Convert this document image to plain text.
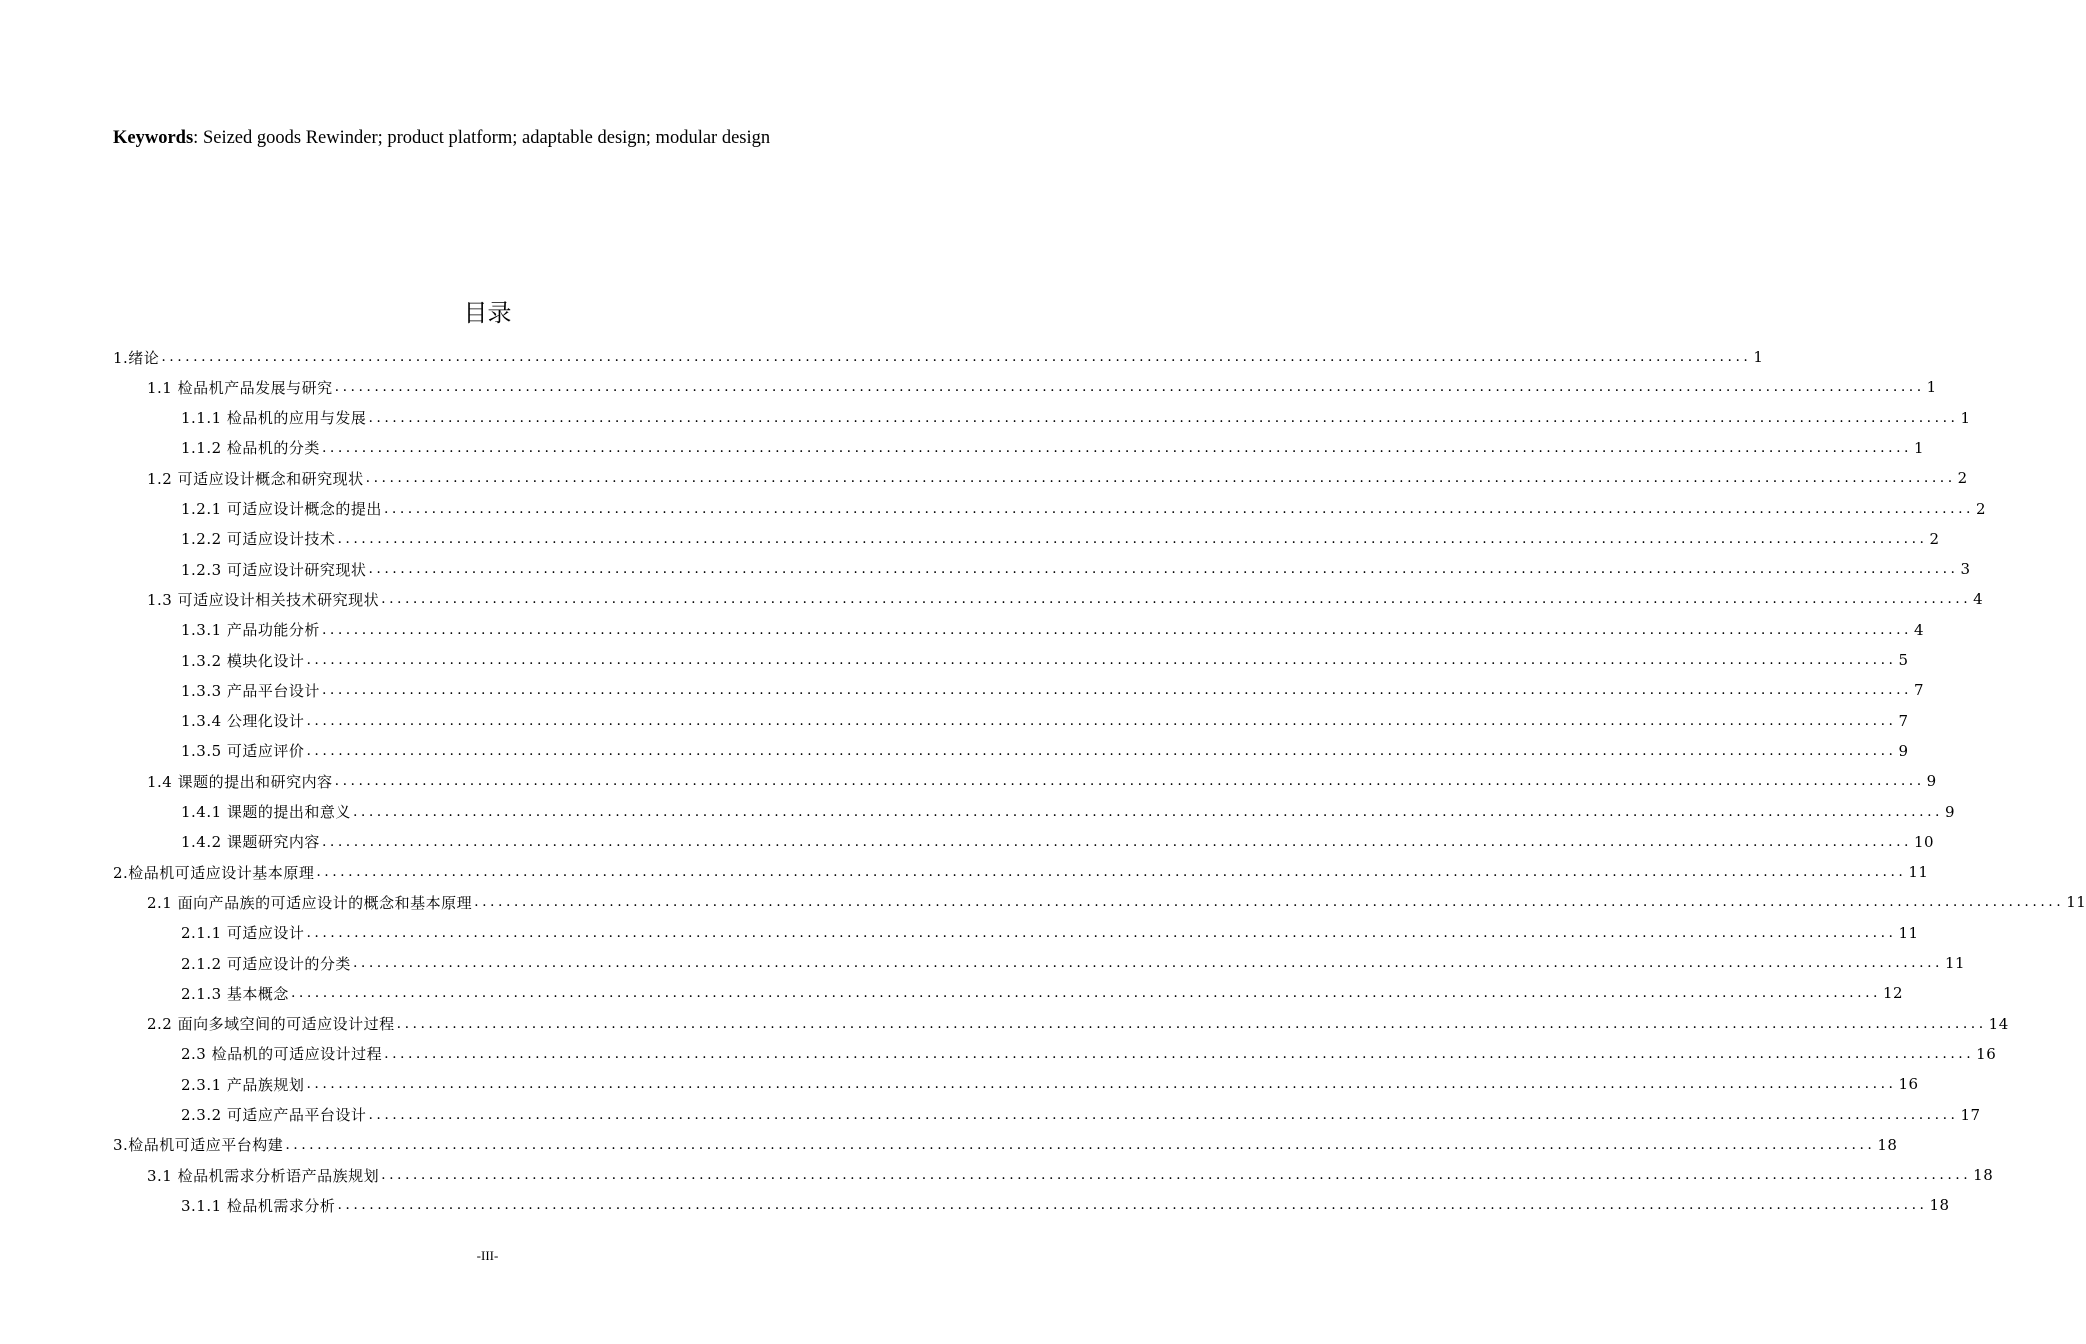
Keywords: Seized goods Rewinder; product platform; adaptable design; modular design
目录
1.绪论 ........................................................................................................................................................................................................ 1
1.1 检品机产品发展与研究 ........................................................................................................................................................................................................ 1
1.1.1 检品机的应用与发展 ........................................................................................................................................................................................................ 1
1.1.2 检品机的分类 ........................................................................................................................................................................................................ 1
1.2 可适应设计概念和研究现状 ........................................................................................................................................................................................................ 2
1.2.1 可适应设计概念的提出 ........................................................................................................................................................................................................ 2
1.2.2 可适应设计技术 ........................................................................................................................................................................................................ 2
1.2.3 可适应设计研究现状 ........................................................................................................................................................................................................ 3
1.3 可适应设计相关技术研究现状 ........................................................................................................................................................................................................ 4
1.3.1 产品功能分析 ........................................................................................................................................................................................................ 4
1.3.2 模块化设计 ........................................................................................................................................................................................................ 5
1.3.3 产品平台设计 ........................................................................................................................................................................................................ 7
1.3.4 公理化设计 ........................................................................................................................................................................................................ 7
1.3.5 可适应评价 ........................................................................................................................................................................................................ 9
1.4 课题的提出和研究内容 ........................................................................................................................................................................................................ 9
1.4.1 课题的提出和意义 ........................................................................................................................................................................................................ 9
1.4.2 课题研究内容 ........................................................................................................................................................................................................ 10
2.检品机可适应设计基本原理 ........................................................................................................................................................................................................ 11
2.1 面向产品族的可适应设计的概念和基本原理 ........................................................................................................................................................................................................ 11
2.1.1 可适应设计 ........................................................................................................................................................................................................ 11
2.1.2 可适应设计的分类 ........................................................................................................................................................................................................ 11
2.1.3 基本概念 ........................................................................................................................................................................................................ 12
2.2 面向多域空间的可适应设计过程 ........................................................................................................................................................................................................ 14
2.3 检品机的可适应设计过程 ........................................................................................................................................................................................................ 16
2.3.1 产品族规划 ........................................................................................................................................................................................................ 16
2.3.2 可适应产品平台设计 ........................................................................................................................................................................................................ 17
3.检品机可适应平台构建 ........................................................................................................................................................................................................ 18
3.1 检品机需求分析语产品族规划 ........................................................................................................................................................................................................ 18
3.1.1 检品机需求分析 ........................................................................................................................................................................................................ 18
-III-
